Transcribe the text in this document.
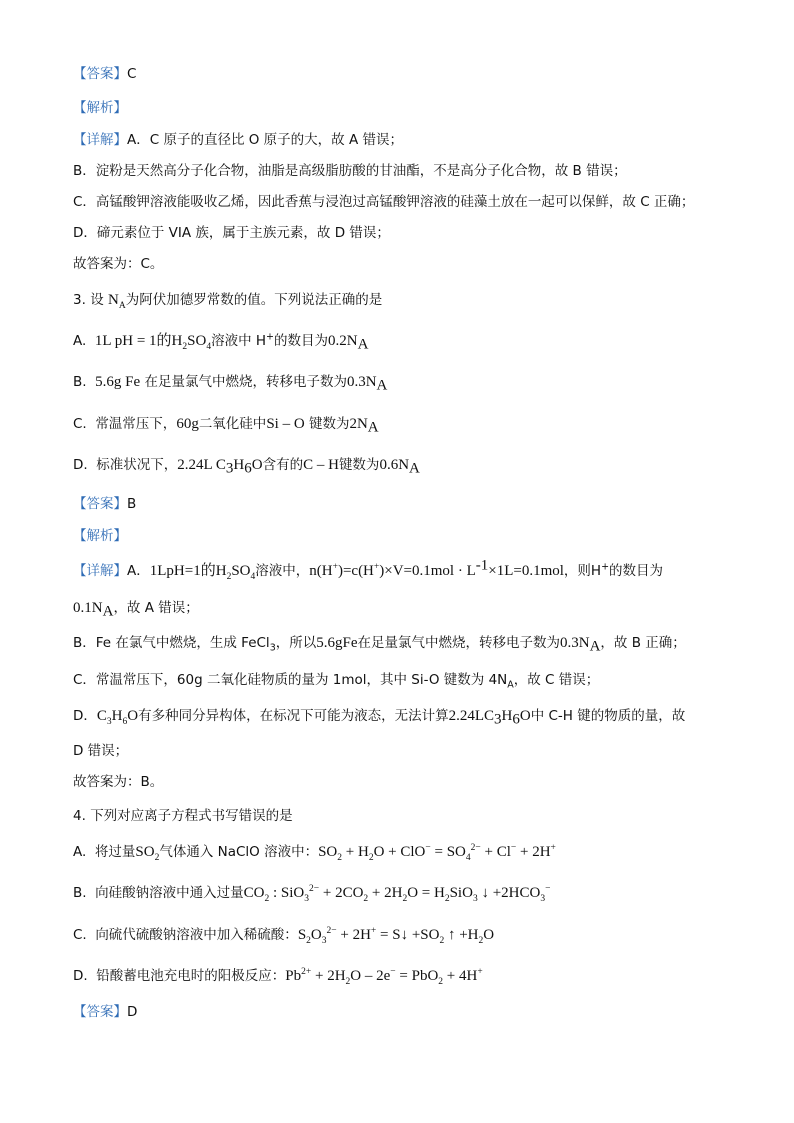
【答案】C
【解析】
【详解】A．C 原子的直径比 O 原子的大，故 A 错误；
B．淀粉是天然高分子化合物，油脂是高级脂肪酸的甘油酯，不是高分子化合物，故 B 错误；
C．高锰酸钾溶液能吸收乙烯，因此香蕉与浸泡过高锰酸钾溶液的硅藻土放在一起可以保鲜，故 C 正确；
D．碲元素位于 VIA 族，属于主族元素，故 D 错误；
故答案为：C。
3. 设 $N_A$为阿伏加德罗常数的值。下列说法正确的是
A. 1L pH = 1的$H_2SO_4$溶液中 H+的数目为$0.2N_A$
B. 5.6g Fe 在足量氯气中燃烧，转移电子数为$0.3N_A$
C. 常温常压下，60g二氧化硅中Si – O 键数为$2N_A$
D. 标准状况下，2.24L $C_3H_6O$含有的C – H键数为$0.6N_A$
【答案】B
【解析】
【详解】A．1LpH=1的$H_2SO_4$溶液中，$n(H^+)=c(H^+)\times V=0.1mol \cdot L^{-1}\times 1L=0.1mol$，则H+的数目为
$0.1N_A$，故 A 错误；
B．Fe 在氯气中燃烧，生成 FeCl$_3$，所以5.6gFe在足量氯气中燃烧，转移电子数为$0.3N_A$，故 B 正确；
C．常温常压下，60g 二氧化硅物质的量为 1mol，其中 Si-O 键数为 $4N_A$，故 C 错误；
D．$C_3H_6O$有多种同分异构体，在标况下可能为液态，无法计算$2.24LC_3H_6O$中 C-H 键的物质的量，故
D 错误；
故答案为：B。
4. 下列对应离子方程式书写错误的是
A. 将过量$SO_2$气体通入 NaClO 溶液中：$SO_2 + H_2O + ClO^- = SO_4^{2-} + Cl^- + 2H^+$
B. 向硅酸钠溶液中通入过量$CO_2$ : $SiO_3^{2-} + 2CO_2 + 2H_2O = H_2SiO_3$ ↓ $+2HCO_3^-$
C. 向硫代硫酸钠溶液中加入稀硫酸：$S_2O_3^{2-} + 2H^+$ = S↓ $+SO_2$ ↑ $+H_2O$
D. 铅酸蓄电池充电时的阳极反应：$Pb^{2+} + 2H_2O - 2e^- = PbO_2 + 4H^+$
【答案】D
